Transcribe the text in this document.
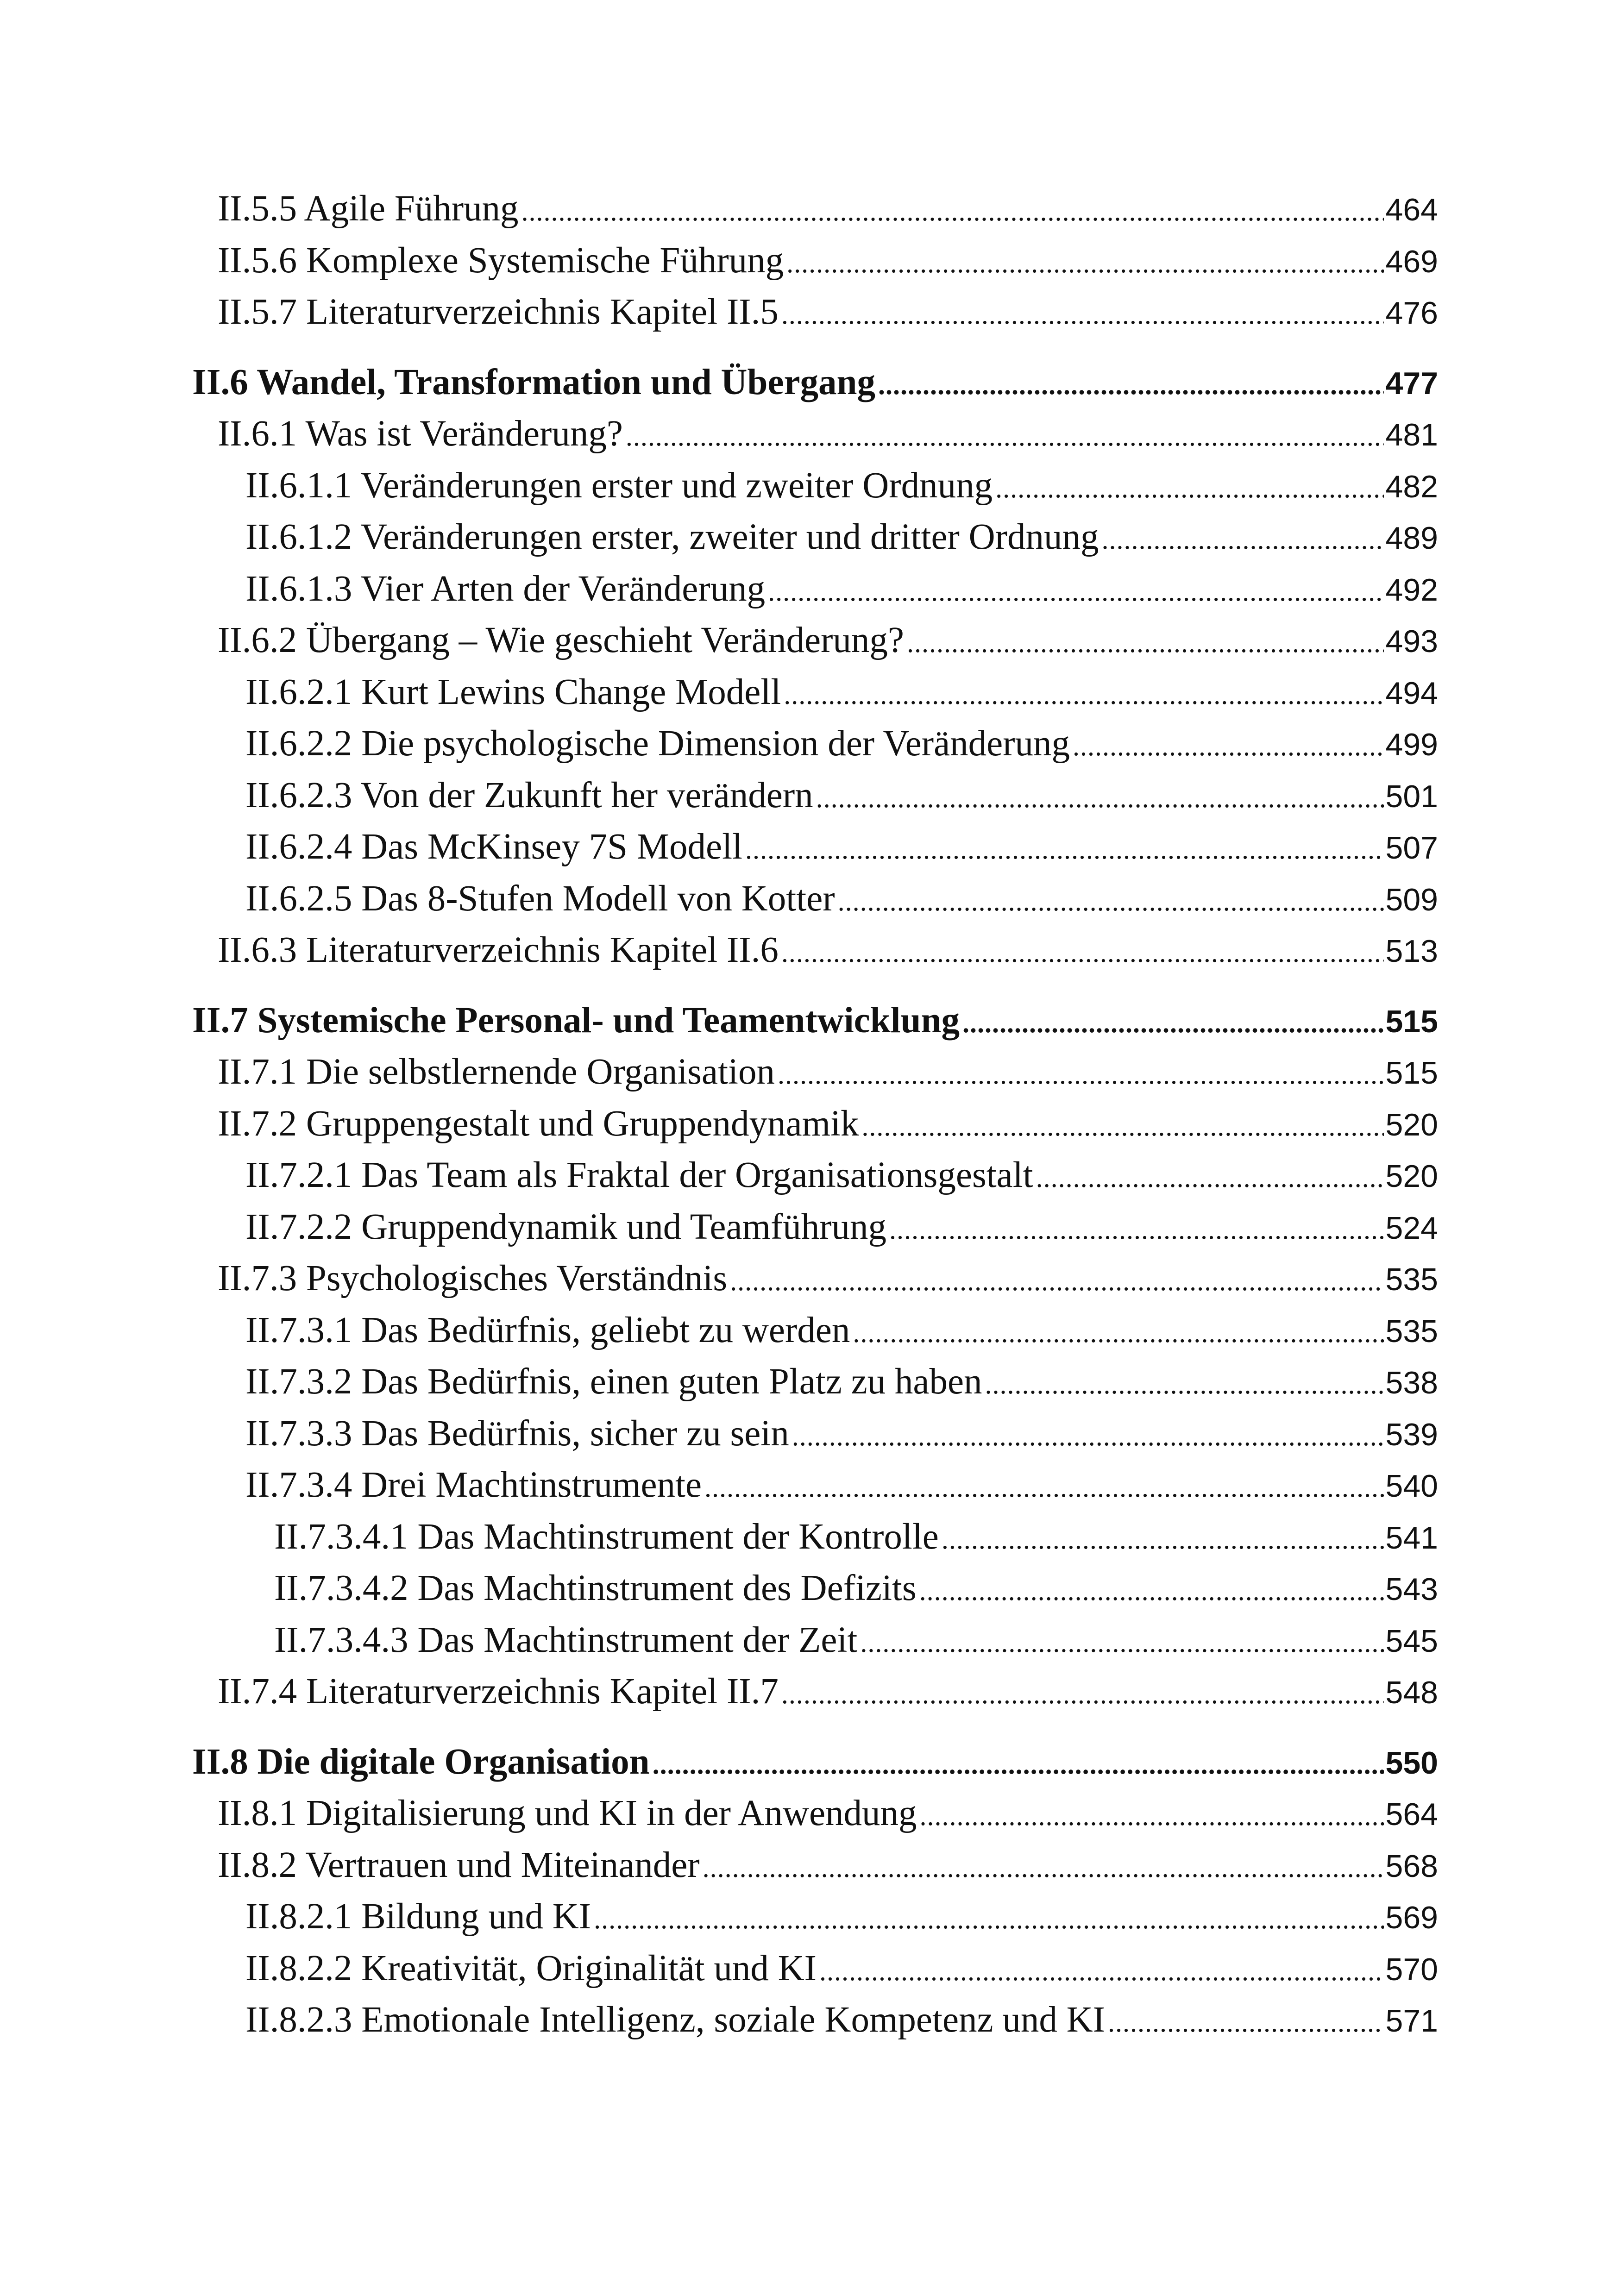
II.5.5 Agile Führung .....	464
II.5.6 Komplexe Systemische Führung .....	469
II.5.7 Literaturverzeichnis Kapitel II.5 .....	476
II.6 Wandel, Transformation und Übergang .....	477
II.6.1 Was ist Veränderung? .....	481
II.6.1.1 Veränderungen erster und zweiter Ordnung .....	482
II.6.1.2 Veränderungen erster, zweiter und dritter Ordnung .....	489
II.6.1.3 Vier Arten der Veränderung .....	492
II.6.2 Übergang – Wie geschieht Veränderung? .....	493
II.6.2.1 Kurt Lewins Change Modell .....	494
II.6.2.2 Die psychologische Dimension der Veränderung .....	499
II.6.2.3 Von der Zukunft her verändern .....	501
II.6.2.4 Das McKinsey 7S Modell .....	507
II.6.2.5 Das 8-Stufen Modell von Kotter .....	509
II.6.3 Literaturverzeichnis Kapitel II.6 .....	513
II.7 Systemische Personal- und Teamentwicklung .....	515
II.7.1 Die selbstlernende Organisation .....	515
II.7.2 Gruppengestalt und Gruppendynamik .....	520
II.7.2.1 Das Team als Fraktal der Organisationsgestalt .....	520
II.7.2.2 Gruppendynamik und Teamführung .....	524
II.7.3 Psychologisches Verständnis .....	535
II.7.3.1 Das Bedürfnis, geliebt zu werden .....	535
II.7.3.2 Das Bedürfnis, einen guten Platz zu haben .....	538
II.7.3.3 Das Bedürfnis, sicher zu sein .....	539
II.7.3.4 Drei Machtinstrumente .....	540
II.7.3.4.1 Das Machtinstrument der Kontrolle .....	541
II.7.3.4.2 Das Machtinstrument des Defizits .....	543
II.7.3.4.3 Das Machtinstrument der Zeit .....	545
II.7.4 Literaturverzeichnis Kapitel II.7 .....	548
II.8 Die digitale Organisation .....	550
II.8.1 Digitalisierung und KI in der Anwendung .....	564
II.8.2 Vertrauen und Miteinander .....	568
II.8.2.1 Bildung und KI .....	569
II.8.2.2 Kreativität, Originalität und KI .....	570
II.8.2.3 Emotionale Intelligenz, soziale Kompetenz und KI .....	571
